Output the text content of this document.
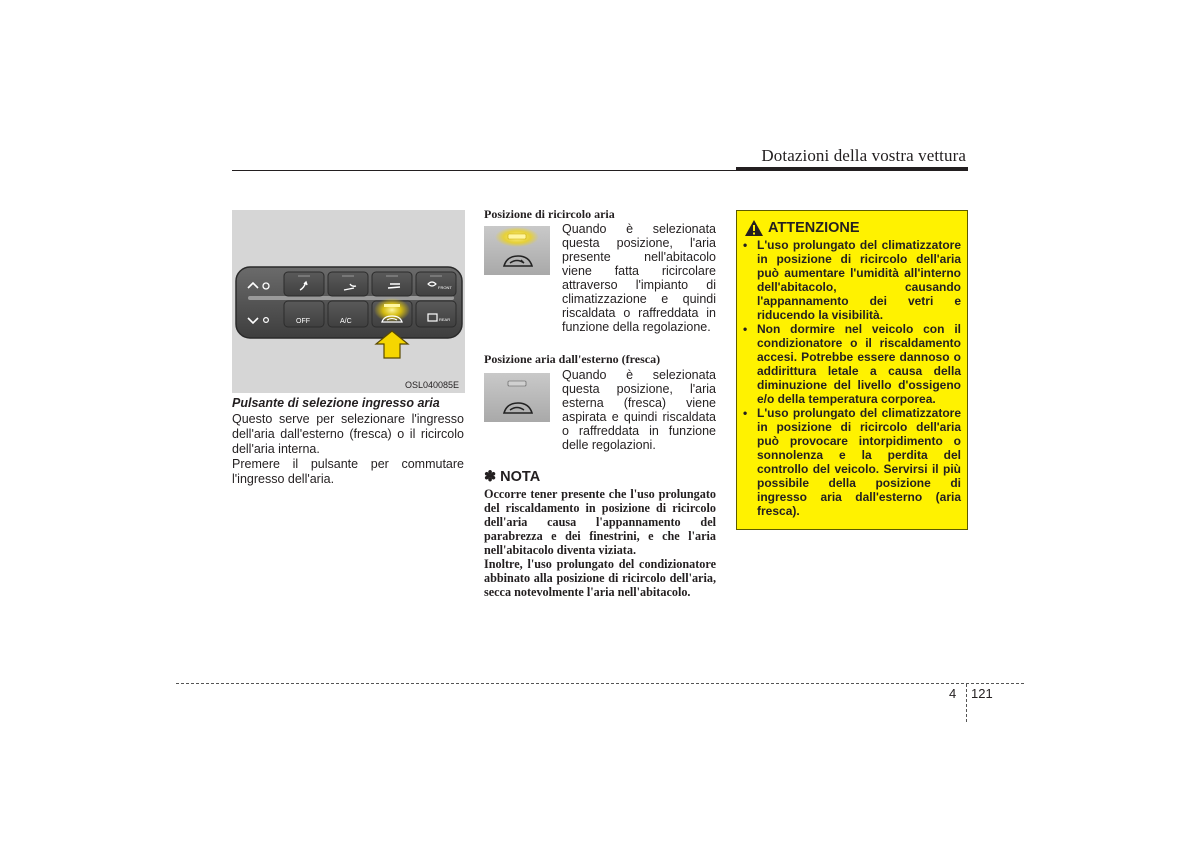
Dotazioni della vostra vettura
FRONT
OFF	A/C	REAR
OSL040085E
Pulsante di selezione ingresso aria
Questo serve per selezionare l'ingresso dell'aria dall'esterno (fresca) o il ricircolo dell'aria interna.
Premere il pulsante per commutare l'ingresso dell'aria.
Posizione di ricircolo aria
Quando è selezionata questa posizione, l'aria presente nell'abitacolo viene fatta ricircolare attraverso l'impianto di climatizzazione e quindi riscaldata o raffreddata in funzione della regolazione.
Posizione aria dall'esterno (fresca)
Quando è selezionata questa posizione, l'aria esterna (fresca) viene aspirata e quindi riscaldata o raffreddata in funzione delle regolazioni.
✽ NOTA
Occorre tener presente che l'uso prolungato del riscaldamento in posizione di ricircolo dell'aria causa l'appannamento del parabrezza e dei finestrini, e che l'aria nell'abitacolo diventa viziata.
Inoltre, l'uso prolungato del condizionatore abbinato alla posizione di ricircolo dell'aria, secca notevolmente l'aria nell'abitacolo.
ATTENZIONE
• L'uso prolungato del climatizzatore in posizione di ricircolo dell'aria può aumentare l'umidità all'interno dell'abitacolo, causando l'appannamento dei vetri e riducendo la visibilità.
• Non dormire nel veicolo con il condizionatore o il riscaldamento accesi. Potrebbe essere dannoso o addirittura letale a causa della diminuzione del livello d'ossigeno e/o della temperatura corporea.
• L'uso prolungato del climatizzatore in posizione di ricircolo dell'aria può provocare intorpidimento o sonnolenza e la perdita del controllo del veicolo. Servirsi il più possibile della posizione di ingresso aria dall'esterno (aria fresca).
4 121
